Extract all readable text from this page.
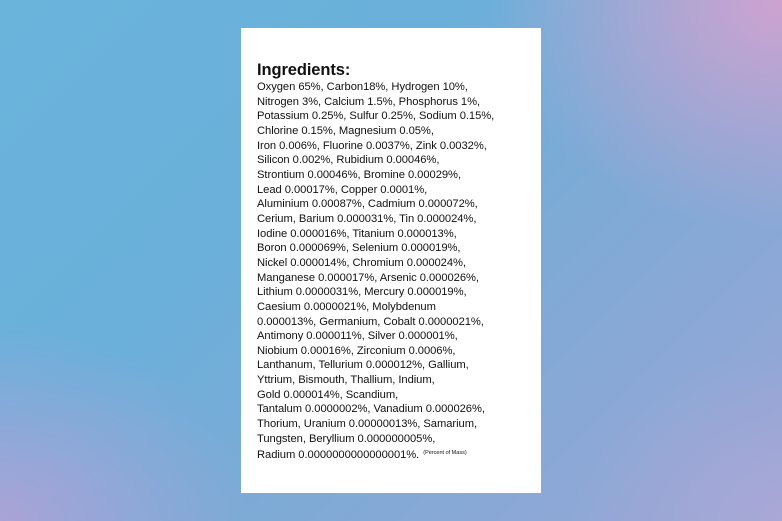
Ingredients:
Oxygen 65%, Carbon18%, Hydrogen 10%,
Nitrogen 3%, Calcium 1.5%, Phosphorus 1%,
Potassium 0.25%, Sulfur 0.25%, Sodium 0.15%,
Chlorine 0.15%, Magnesium 0.05%,
Iron 0.006%, Fluorine 0.0037%, Zink 0.0032%,
Silicon 0.002%, Rubidium 0.00046%,
Strontium 0.00046%, Bromine 0.00029%,
Lead 0.00017%, Copper 0.0001%,
Aluminium 0.00087%, Cadmium 0.000072%,
Cerium, Barium 0.000031%, Tin 0.000024%,
Iodine 0.000016%, Titanium 0.000013%,
Boron 0.000069%, Selenium 0.000019%,
Nickel 0.000014%, Chromium 0.000024%,
Manganese 0.000017%, Arsenic 0.000026%,
Lithium 0.0000031%, Mercury 0.000019%,
Caesium 0.0000021%, Molybdenum
0.000013%, Germanium, Cobalt 0.0000021%,
Antimony 0.000011%, Silver 0.000001%,
Niobium 0.00016%, Zirconium 0.0006%,
Lanthanum, Tellurium 0.000012%, Gallium,
Yttrium, Bismouth, Thallium, Indium,
Gold 0.000014%, Scandium,
Tantalum 0.0000002%, Vanadium 0.000026%,
Thorium, Uranium 0.00000013%, Samarium,
Tungsten, Beryllium 0.000000005%,
Radium 0.0000000000000001%. $^{(Percent of Mass)}$
